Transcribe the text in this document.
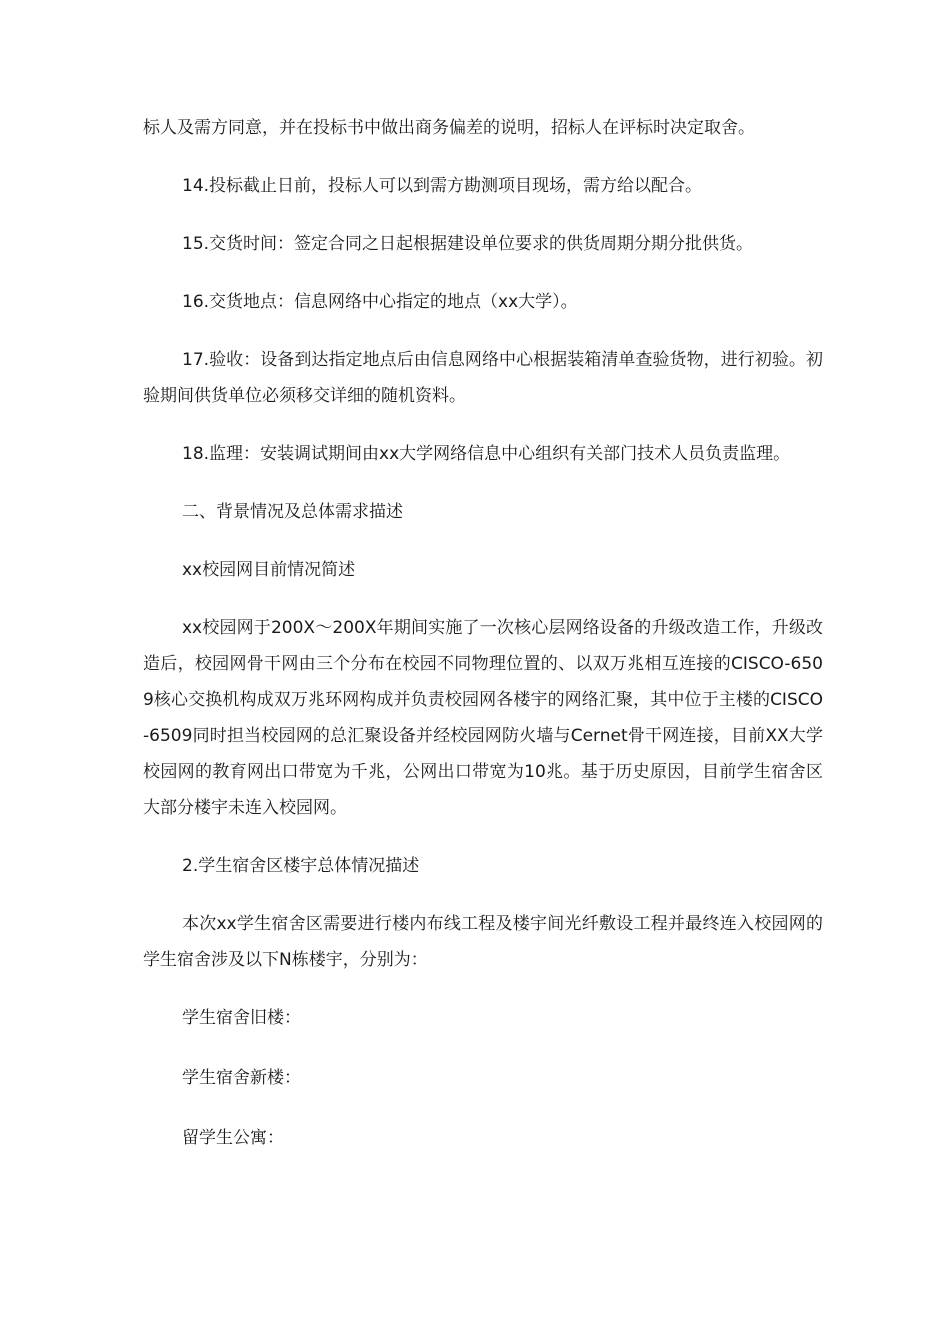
标人及需方同意，并在投标书中做出商务偏差的说明，招标人在评标时决定取舍。

14.投标截止日前，投标人可以到需方勘测项目现场，需方给以配合。

15.交货时间：签定合同之日起根据建设单位要求的供货周期分期分批供货。

16.交货地点：信息网络中心指定的地点（xx大学）。

17.验收：设备到达指定地点后由信息网络中心根据装箱清单查验货物，进行初验。初验期间供货单位必须移交详细的随机资料。

18.监理：安装调试期间由xx大学网络信息中心组织有关部门技术人员负责监理。

二、背景情况及总体需求描述

xx校园网目前情况简述

xx校园网于200X～200X年期间实施了一次核心层网络设备的升级改造工作，升级改造后，校园网骨干网由三个分布在校园不同物理位置的、以双万兆相互连接的CISCO-6509核心交换机构成双万兆环网构成并负责校园网各楼宇的网络汇聚，其中位于主楼的CISCO-6509同时担当校园网的总汇聚设备并经校园网防火墙与Cernet骨干网连接，目前XX大学校园网的教育网出口带宽为千兆，公网出口带宽为10兆。基于历史原因，目前学生宿舍区大部分楼宇未连入校园网。

2.学生宿舍区楼宇总体情况描述

本次xx学生宿舍区需要进行楼内布线工程及楼宇间光纤敷设工程并最终连入校园网的学生宿舍涉及以下N栋楼宇，分别为：

学生宿舍旧楼：

学生宿舍新楼：

留学生公寓：
